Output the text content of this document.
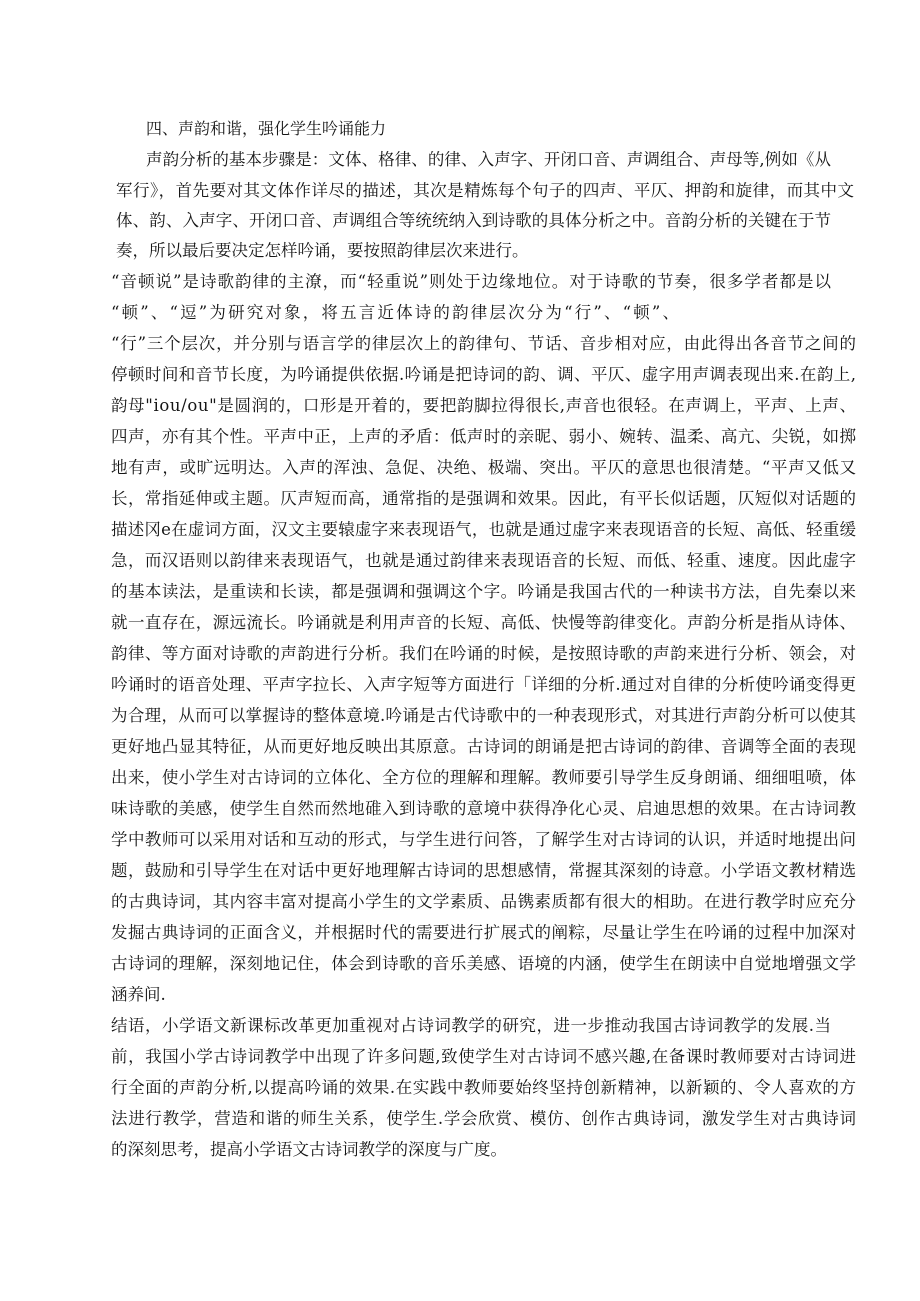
四、声韵和谐，强化学生吟诵能力
声韵分析的基本步骤是：文体、格律、的律、入声字、开闭口音、声调组合、声母等,例如《从
军行》，首先要对其文体作详尽的描述，其次是精炼每个句子的四声、平仄、押韵和旋律，而其中文
体、韵、入声字、开闭口音、声调组合等统统纳入到诗歌的具体分析之中。音韵分析的关键在于节
奏，所以最后要决定怎样吟诵，要按照韵律层次来进行。
“音顿说”是诗歌韵律的主潦，而“轻重说”则处于边缘地位。对于诗歌的节奏，很多学者都是以
“顿”、“逗”为研究对象，将五言近体诗的韵律层次分为“行”、“顿”、
“行”三个层次，并分别与语言学的律层次上的韵律句、节话、音步相对应，由此得出各音节之间的
停顿时间和音节长度，为吟诵提供依据.吟诵是把诗词的韵、调、平仄、虚字用声调表现出来.在韵上,
韵母"iou/ou"是圆润的，口形是开着的，要把韵脚拉得很长,声音也很轻。在声调上，平声、上声、
四声，亦有其个性。平声中正，上声的矛盾：低声时的亲昵、弱小、婉转、温柔、高亢、尖锐，如掷
地有声，或旷远明达。入声的浑浊、急促、决绝、极端、突出。平仄的意思也很清楚。“平声又低又
长，常指延伸或主题。仄声短而高，通常指的是强调和效果。因此，有平长似话题，仄短似对话题的
描述冈e在虚词方面，汉文主要辕虚字来表现语气，也就是通过虚字来表现语音的长短、高低、轻重缓
急，而汉语则以韵律来表现语气，也就是通过韵律来表现语音的长短、而低、轻重、速度。因此虚字
的基本读法，是重读和长读，都是强调和强调这个字。吟诵是我国古代的一种读书方法，自先秦以来
就一直存在，源远流长。吟诵就是利用声音的长短、高低、快慢等韵律变化。声韵分析是指从诗体、
韵律、等方面对诗歌的声韵进行分析。我们在吟诵的时候，是按照诗歌的声韵来进行分析、领会，对
吟诵时的语音处理、平声字拉长、入声字短等方面进行「详细的分析.通过对自律的分析使吟诵变得更
为合理，从而可以掌握诗的整体意境.吟诵是古代诗歌中的一种表现形式，对其进行声韵分析可以使其
更好地凸显其特征，从而更好地反映出其原意。古诗词的朗诵是把古诗词的韵律、音调等全面的表现
出来，使小学生对古诗词的立体化、全方位的理解和理解。教师要引导学生反身朗诵、细细咀喷，体
味诗歌的美感，使学生自然而然地碓入到诗歌的意境中获得净化心灵、启迪思想的效果。在古诗词教
学中教师可以采用对话和互动的形式，与学生进行问答，了解学生对古诗词的认识，并适时地提出问
题，鼓励和引导学生在对话中更好地理解古诗词的思想感情，常握其深刻的诗意。小学语文教材精选
的古典诗词，其内容丰富对提高小学生的文学素质、品镌素质都有很大的相助。在进行教学时应充分
发掘古典诗词的正面含义，并根据时代的需要进行扩展式的阐粽，尽量让学生在吟诵的过程中加深对
古诗词的理解，深刻地记住，体会到诗歌的音乐美感、语境的内涵，使学生在朗读中自觉地增强文学
涵养间.
结语，小学语文新课标改革更加重视对占诗词教学的研究，进一步推动我国古诗词教学的发展.当
前，我国小学古诗词教学中出现了许多问题,致使学生对古诗词不感兴趣,在备课时教师要对古诗词进
行全面的声韵分析,以提高吟诵的效果.在实践中教师要始终坚持创新精神，以新颖的、令人喜欢的方
法进行教学，营造和谐的师生关系，使学生.学会欣赏、模仿、创作古典诗词，激发学生对古典诗词
的深刻思考，提高小学语文古诗词教学的深度与广度。
